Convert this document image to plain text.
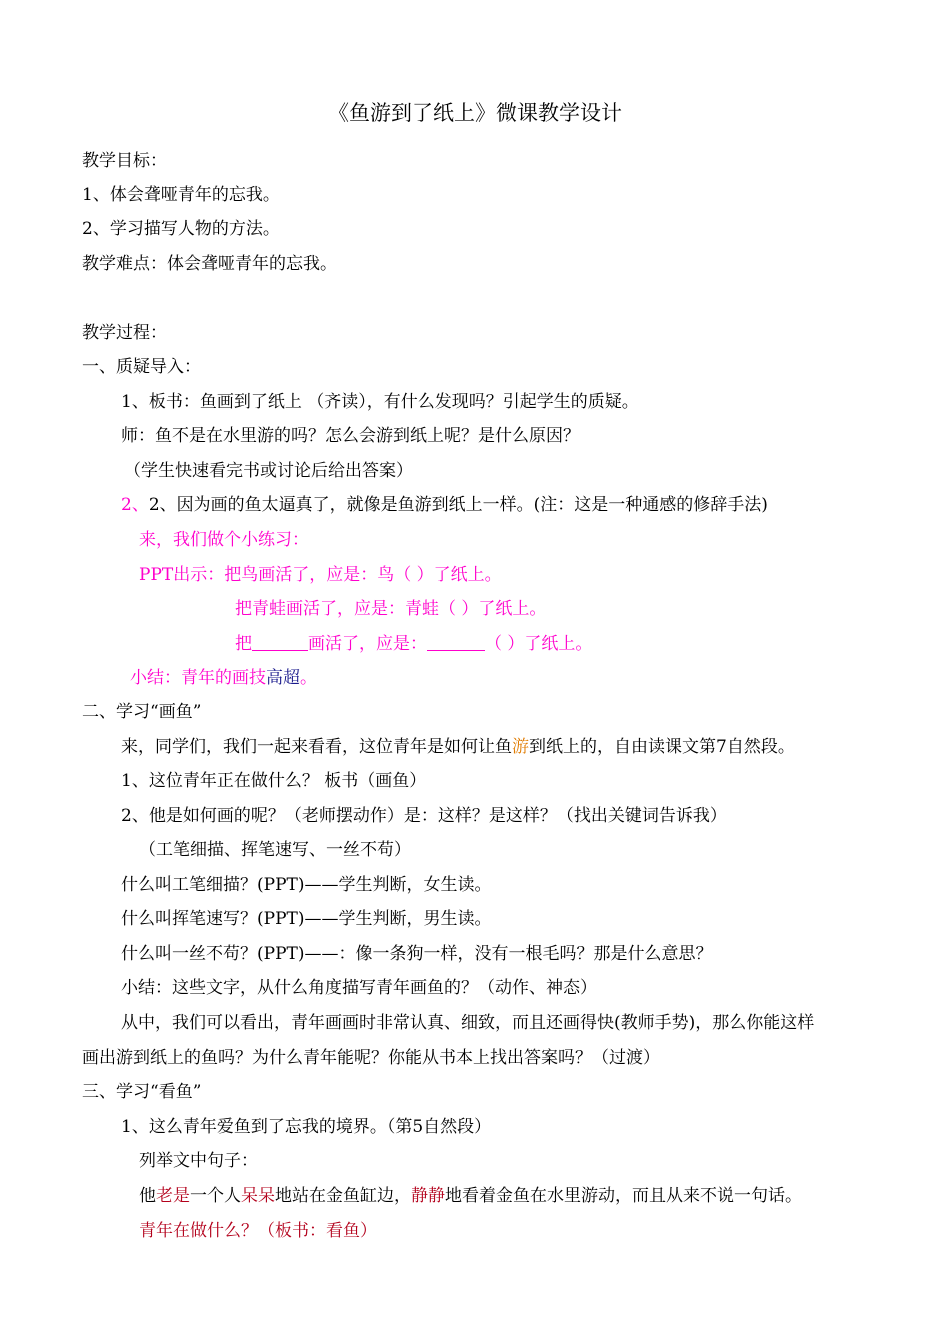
《鱼游到了纸上》微课教学设计
教学目标：
1、体会聋哑青年的忘我。
2、学习描写人物的方法。
教学难点：体会聋哑青年的忘我。
教学过程：
一、质疑导入：
1、板书：鱼画到了纸上 （齐读），有什么发现吗？引起学生的质疑。
师：鱼不是在水里游的吗？怎么会游到纸上呢？是什么原因？
（学生快速看完书或讨论后给出答案）
2、2、因为画的鱼太逼真了，就像是鱼游到纸上一样。(注：这是一种通感的修辞手法)
来，我们做个小练习：
PPT出示：把鸟画活了，应是：鸟（ ）了纸上。
把青蛙画活了，应是：青蛙（ ）了纸上。
把	画活了，应是：	（ ）了纸上。
小结：青年的画技高超。
二、学习“画鱼”
来，同学们，我们一起来看看，这位青年是如何让鱼游到纸上的，自由读课文第7自然段。
1、这位青年正在做什么？ 板书（画鱼）
2、他是如何画的呢？（老师摆动作）是：这样？是这样？（找出关键词告诉我）
（工笔细描、挥笔速写、一丝不苟）
什么叫工笔细描？(PPT)——学生判断，女生读。
什么叫挥笔速写？(PPT)——学生判断，男生读。
什么叫一丝不苟？(PPT)——：像一条狗一样，没有一根毛吗？那是什么意思？
小结：这些文字，从什么角度描写青年画鱼的？（动作、神态）
从中，我们可以看出，青年画画时非常认真、细致，而且还画得快(教师手势)，那么你能这样
画出游到纸上的鱼吗？为什么青年能呢？你能从书本上找出答案吗？（过渡）
三、学习“看鱼”
1、这么青年爱鱼到了忘我的境界。（第5自然段）
列举文中句子：
他老是一个人呆呆地站在金鱼缸边，静静地看着金鱼在水里游动，而且从来不说一句话。
青年在做什么？（板书：看鱼）
